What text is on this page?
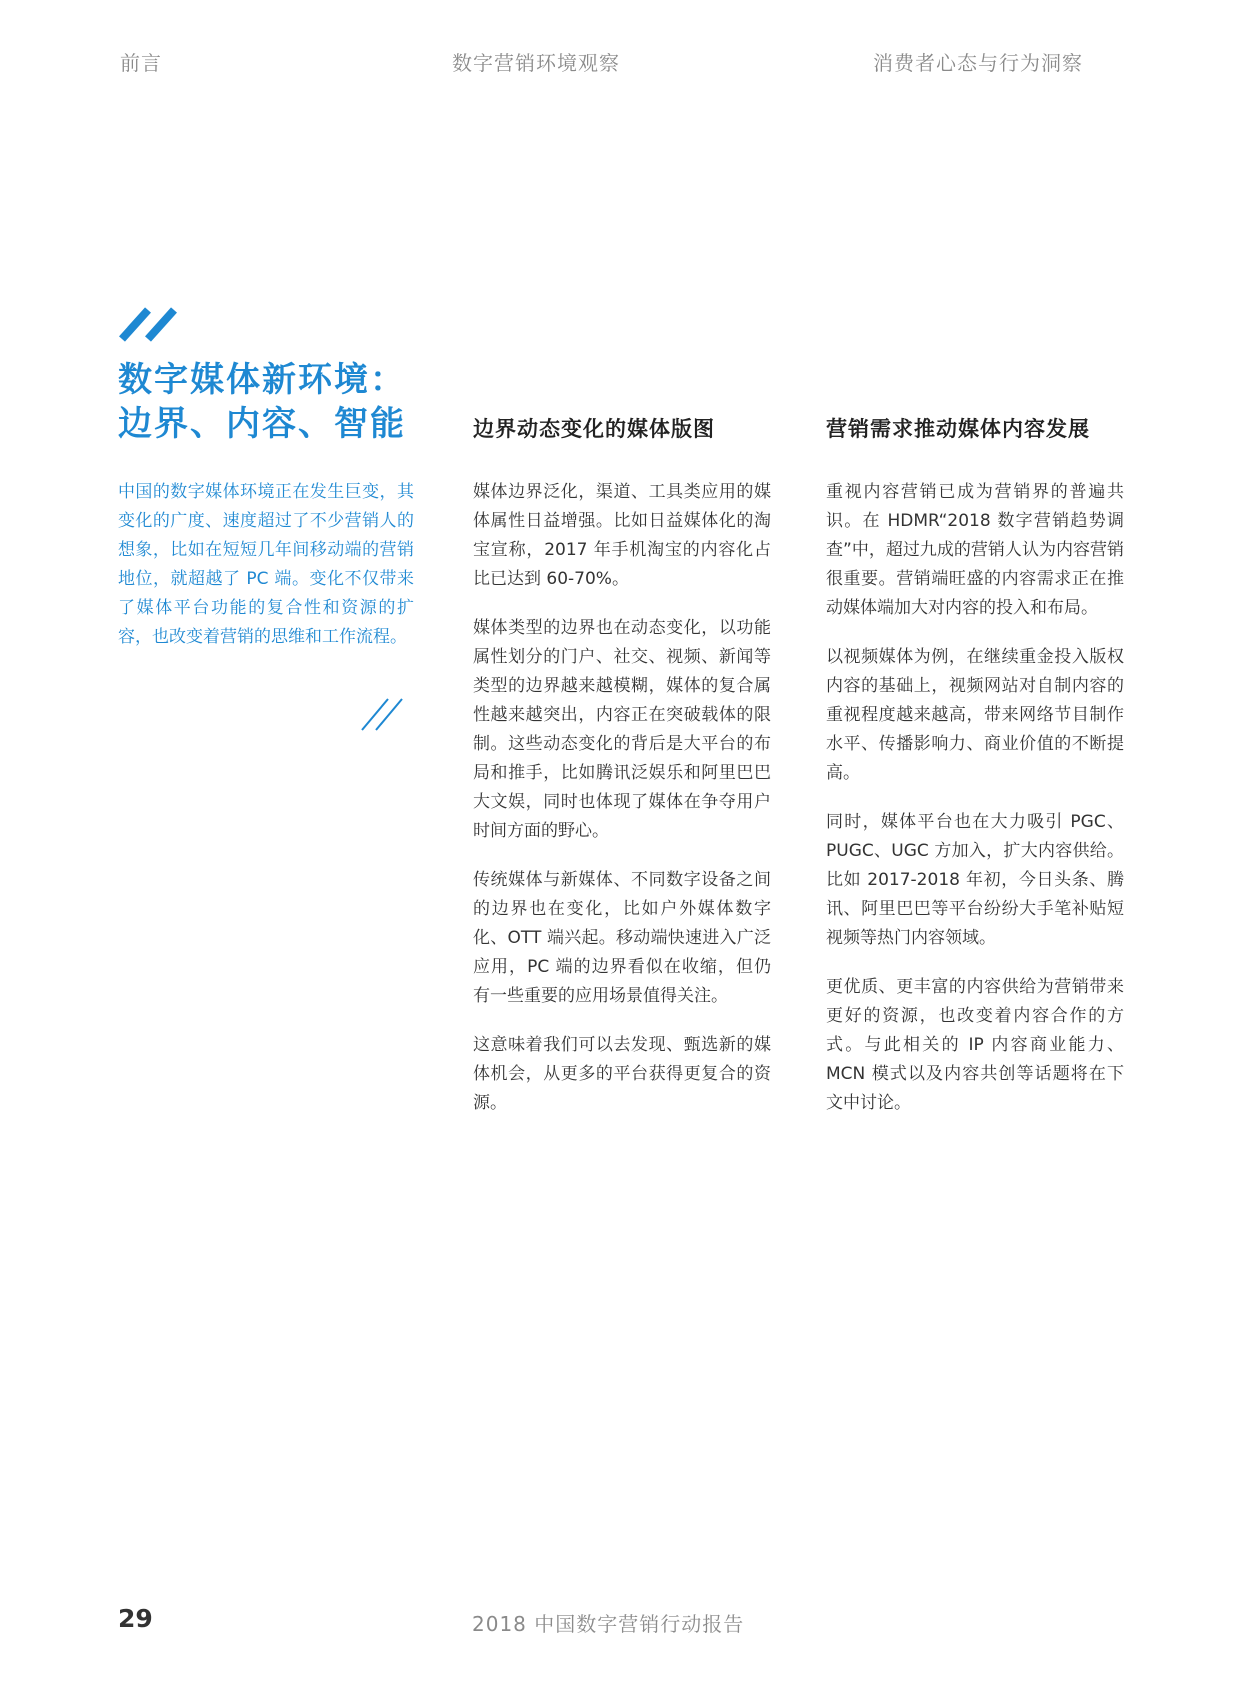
前言	数字营销环境观察	消费者心态与行为洞察
数字媒体新环境：
边界、内容、智能
中国的数字媒体环境正在发生巨变，其变化的广度、速度超过了不少营销人的想象，比如在短短几年间移动端的营销地位，就超越了 PC 端。变化不仅带来了媒体平台功能的复合性和资源的扩容，也改变着营销的思维和工作流程。
边界动态变化的媒体版图

媒体边界泛化，渠道、工具类应用的媒体属性日益增强。比如日益媒体化的淘宝宣称，2017 年手机淘宝的内容化占比已达到 60-70%。

媒体类型的边界也在动态变化，以功能属性划分的门户、社交、视频、新闻等类型的边界越来越模糊，媒体的复合属性越来越突出，内容正在突破载体的限制。这些动态变化的背后是大平台的布局和推手，比如腾讯泛娱乐和阿里巴巴大文娱，同时也体现了媒体在争夺用户时间方面的野心。

传统媒体与新媒体、不同数字设备之间的边界也在变化，比如户外媒体数字化、OTT 端兴起。移动端快速进入广泛应用，PC 端的边界看似在收缩，但仍有一些重要的应用场景值得关注。

这意味着我们可以去发现、甄选新的媒体机会，从更多的平台获得更复合的资源。

营销需求推动媒体内容发展

重视内容营销已成为营销界的普遍共识。在 HDMR“2018 数字营销趋势调查”中，超过九成的营销人认为内容营销很重要。营销端旺盛的内容需求正在推动媒体端加大对内容的投入和布局。

以视频媒体为例，在继续重金投入版权内容的基础上，视频网站对自制内容的重视程度越来越高，带来网络节目制作水平、传播影响力、商业价值的不断提高。

同时，媒体平台也在大力吸引 PGC、PUGC、UGC 方加入，扩大内容供给。比如 2017-2018 年初，今日头条、腾讯、阿里巴巴等平台纷纷大手笔补贴短视频等热门内容领域。

更优质、更丰富的内容供给为营销带来更好的资源，也改变着内容合作的方式。与此相关的 IP 内容商业能力、MCN 模式以及内容共创等话题将在下文中讨论。

29	2018 中国数字营销行动报告
